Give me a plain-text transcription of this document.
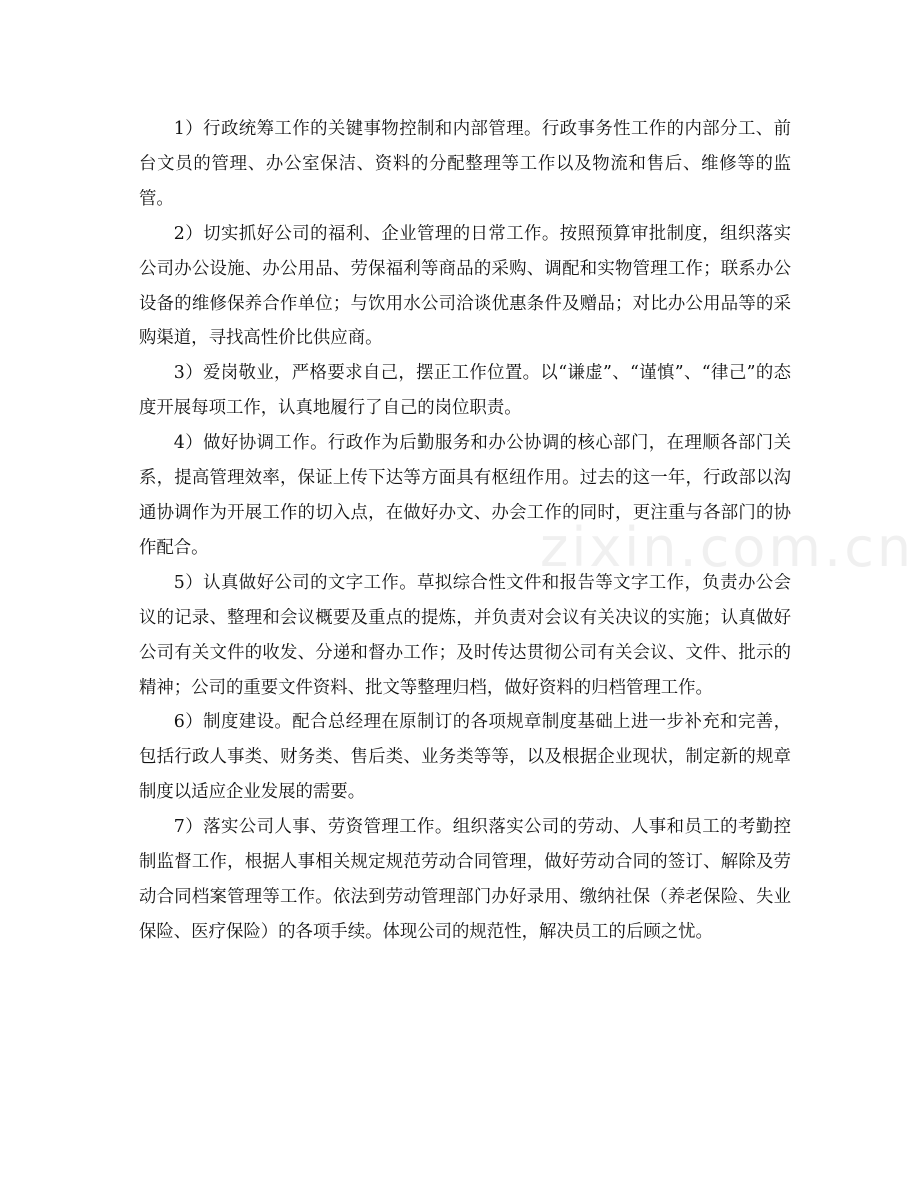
1）行政统筹工作的关键事物控制和内部管理。行政事务性工作的内部分工、前台文员的管理、办公室保洁、资料的分配整理等工作以及物流和售后、维修等的监管。

2）切实抓好公司的福利、企业管理的日常工作。按照预算审批制度，组织落实公司办公设施、办公用品、劳保福利等商品的采购、调配和实物管理工作；联系办公设备的维修保养合作单位；与饮用水公司洽谈优惠条件及赠品；对比办公用品等的采购渠道，寻找高性价比供应商。

3）爱岗敬业，严格要求自己，摆正工作位置。以“谦虚”、“谨慎”、“律己”的态度开展每项工作，认真地履行了自己的岗位职责。

4）做好协调工作。行政作为后勤服务和办公协调的核心部门，在理顺各部门关系，提高管理效率，保证上传下达等方面具有枢纽作用。过去的这一年，行政部以沟通协调作为开展工作的切入点，在做好办文、办会工作的同时，更注重与各部门的协作配合。

5）认真做好公司的文字工作。草拟综合性文件和报告等文字工作，负责办公会议的记录、整理和会议概要及重点的提炼，并负责对会议有关决议的实施；认真做好公司有关文件的收发、分递和督办工作；及时传达贯彻公司有关会议、文件、批示的精神；公司的重要文件资料、批文等整理归档，做好资料的归档管理工作。

6）制度建设。配合总经理在原制订的各项规章制度基础上进一步补充和完善，包括行政人事类、财务类、售后类、业务类等等，以及根据企业现状，制定新的规章制度以适应企业发展的需要。

7）落实公司人事、劳资管理工作。组织落实公司的劳动、人事和员工的考勤控制监督工作，根据人事相关规定规范劳动合同管理，做好劳动合同的签订、解除及劳动合同档案管理等工作。依法到劳动管理部门办好录用、缴纳社保（养老保险、失业保险、医疗保险）的各项手续。体现公司的规范性，解决员工的后顾之忧。

zixin.com.cn
